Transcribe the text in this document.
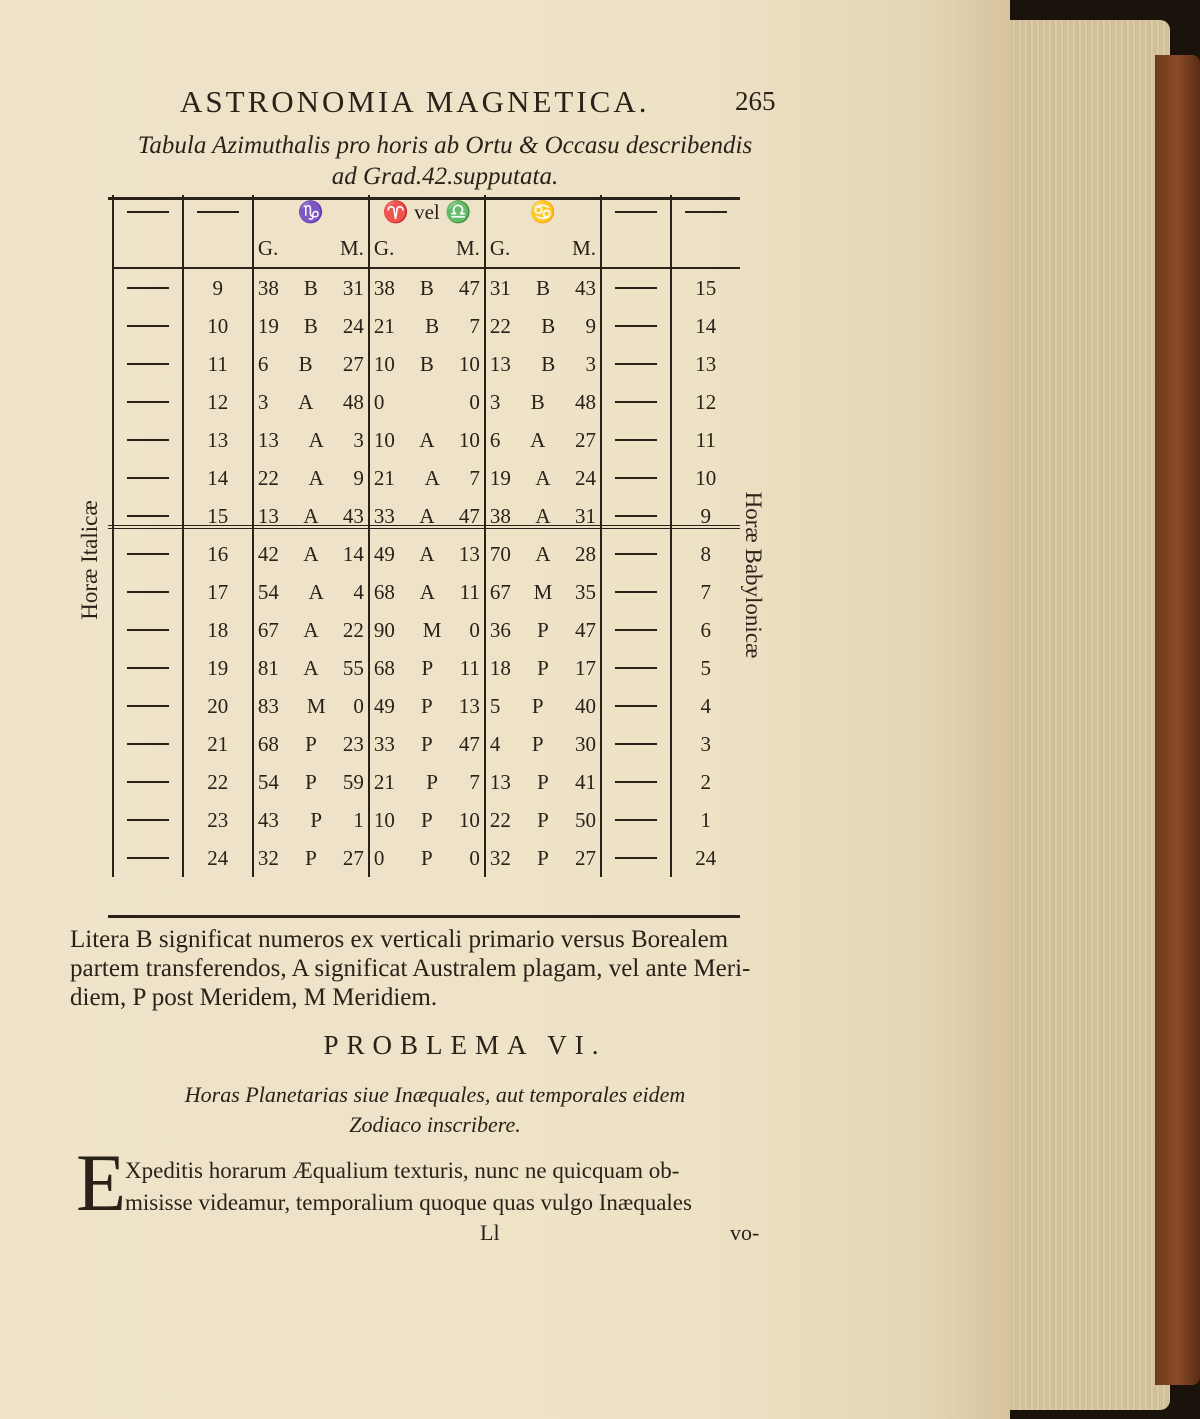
ASTRONOMIA MAGNETICA.	265
Tabula Azimuthalis pro horis ab Ortu & Occasu describendis
ad Grad.42.supputata.
Horæ Italicæ	Horæ Babylonicæ

	♑	♈ vel ♎	♋	

		G. M.	G. M.	G. M.		

	9	38 B 31	38 B 47	31 B 43		15

	10	19 B 24	21 B 7	22 B 9		14

	11	6 B 27	10 B 10	13 B 3		13

	12	3 A 48	0 0	3 B 48		12

	13	13 A 3	10 A 10	6 A 27		11

	14	22 A 9	21 A 7	19 A 24		10

	15	13 A 43	33 A 47	38 A 31		9

	16	42 A 14	49 A 13	70 A 28		8

	17	54 A 4	68 A 11	67 M 35		7

	18	67 A 22	90 M 0	36 P 47		6

	19	81 A 55	68 P 11	18 P 17		5

	20	83 M 0	49 P 13	5 P 40		4

	21	68 P 23	33 P 47	4 P 30		3

	22	54 P 59	21 P 7	13 P 41		2

	23	43 P 1	10 P 10	22 P 50		1

	24	32 P 27	0 P 0	32 P 27		24
Litera B significat numeros ex verticali primario versus Borealem
partem transferendos, A significat Australem plagam, vel ante Meri-
diem, P post Meridem, M Meridiem.
PROBLEMA VI.
Horas Planetarias siue Inæquales, aut temporales eidem
Zodiaco inscribere.
E
Xpeditis horarum Æqualium texturis, nunc ne quicquam ob-
misisse videamur, temporalium quoque quas vulgo Inæquales
Ll	vo-
